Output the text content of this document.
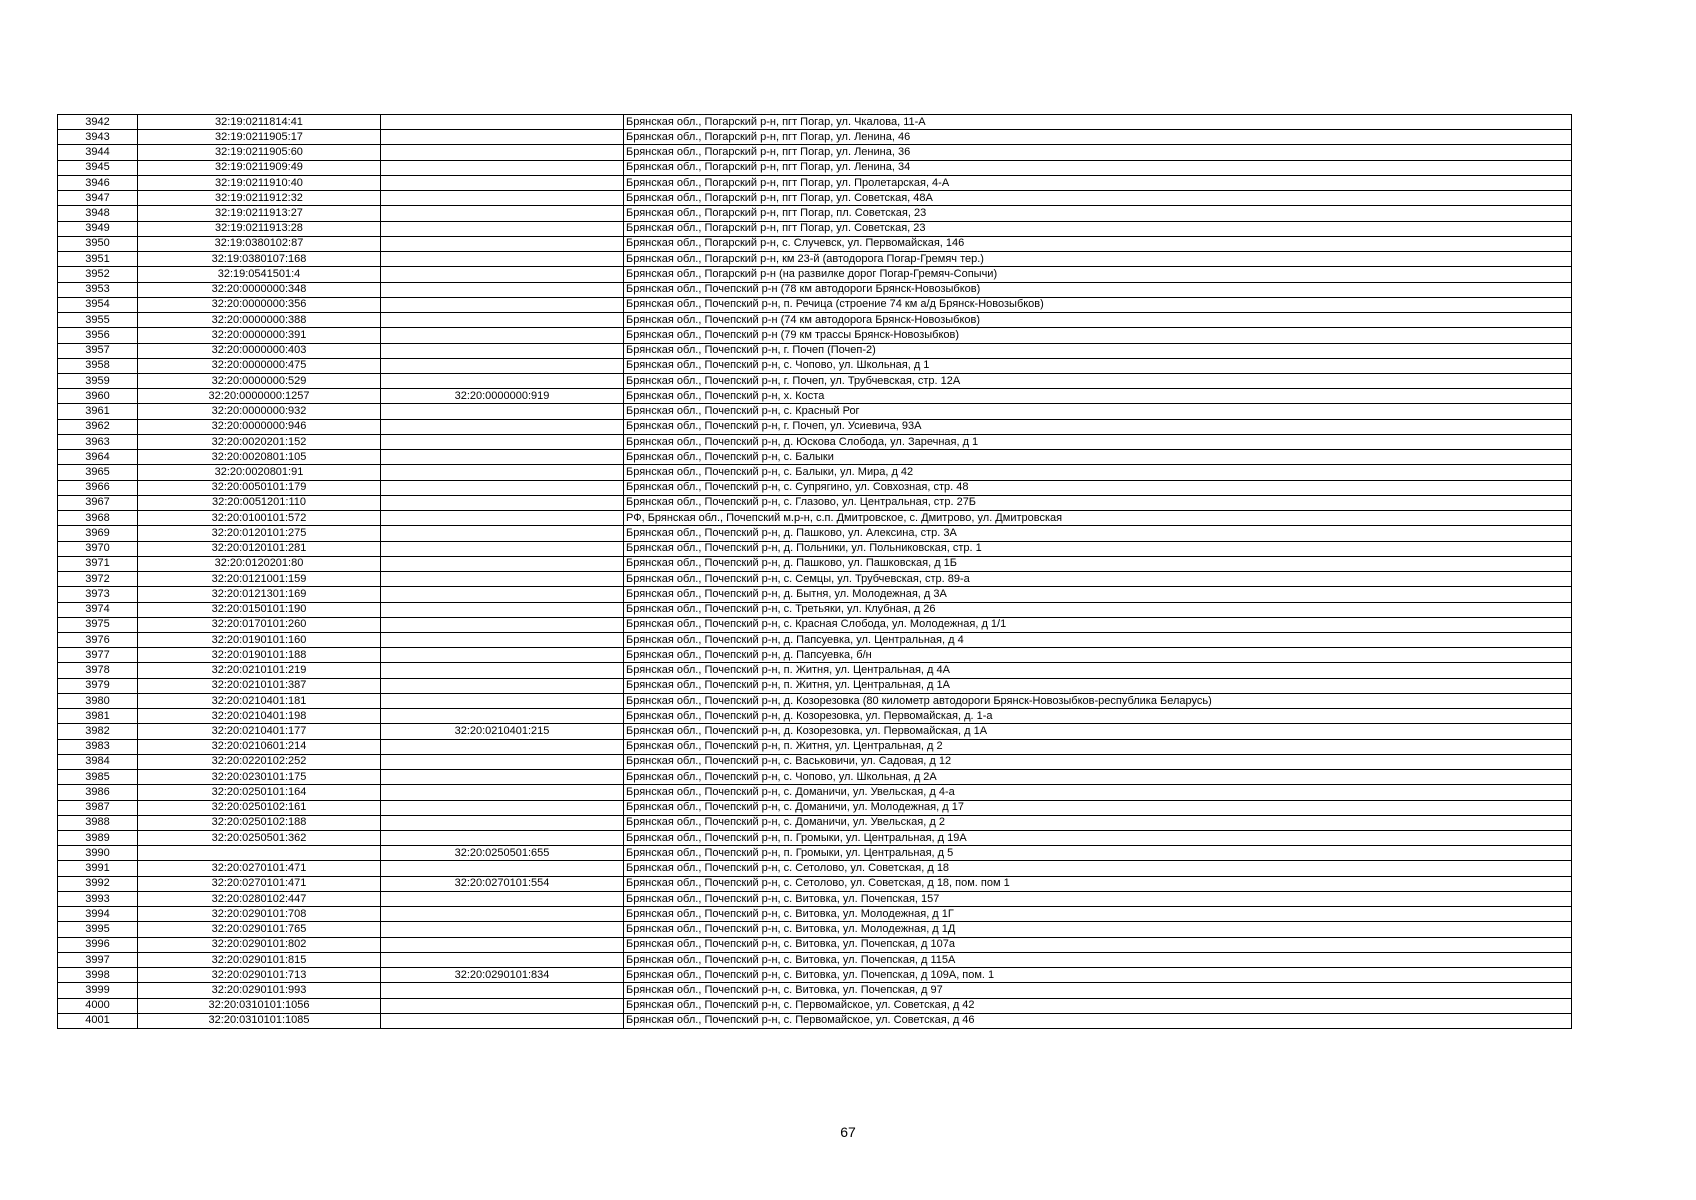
3942	32:19:0211814:41		Брянская обл., Погарский р-н, пгт Погар, ул. Чкалова, 11-А
3943	32:19:0211905:17		Брянская обл., Погарский р-н, пгт Погар, ул. Ленина, 46
3944	32:19:0211905:60		Брянская обл., Погарский р-н, пгт Погар, ул. Ленина, 36
3945	32:19:0211909:49		Брянская обл., Погарский р-н, пгт Погар, ул. Ленина, 34
3946	32:19:0211910:40		Брянская обл., Погарский р-н, пгт Погар, ул. Пролетарская, 4-А
3947	32:19:0211912:32		Брянская обл., Погарский р-н, пгт Погар, ул. Советская, 48А
3948	32:19:0211913:27		Брянская обл., Погарский р-н, пгт Погар, пл. Советская, 23
3949	32:19:0211913:28		Брянская обл., Погарский р-н, пгт Погар, ул. Советская, 23
3950	32:19:0380102:87		Брянская обл., Погарский р-н, с. Случевск, ул. Первомайская, 146
3951	32:19:0380107:168		Брянская обл., Погарский р-н, км 23-й (автодорога Погар-Гремяч тер.)
3952	32:19:0541501:4		Брянская обл., Погарский р-н (на развилке дорог Погар-Гремяч-Сопычи)
3953	32:20:0000000:348		Брянская обл., Почепский р-н (78 км автодороги Брянск-Новозыбков)
3954	32:20:0000000:356		Брянская обл., Почепский р-н, п. Речица (строение 74 км а/д Брянск-Новозыбков)
3955	32:20:0000000:388		Брянская обл., Почепский р-н (74 км автодорога Брянск-Новозыбков)
3956	32:20:0000000:391		Брянская обл., Почепский р-н (79 км трассы Брянск-Новозыбков)
3957	32:20:0000000:403		Брянская обл., Почепский р-н, г. Почеп (Почеп-2)
3958	32:20:0000000:475		Брянская обл., Почепский р-н, с. Чопово, ул. Школьная, д 1
3959	32:20:0000000:529		Брянская обл., Почепский р-н, г. Почеп, ул. Трубчевская, стр. 12А
3960	32:20:0000000:1257	32:20:0000000:919	Брянская обл., Почепский р-н, х. Коста
3961	32:20:0000000:932		Брянская обл., Почепский р-н, с. Красный Рог
3962	32:20:0000000:946		Брянская обл., Почепский р-н, г. Почеп, ул. Усиевича, 93А
3963	32:20:0020201:152		Брянская обл., Почепский р-н, д. Юскова Слобода, ул. Заречная, д 1
3964	32:20:0020801:105		Брянская обл., Почепский р-н, с. Балыки
3965	32:20:0020801:91		Брянская обл., Почепский р-н, с. Балыки, ул. Мира, д 42
3966	32:20:0050101:179		Брянская обл., Почепский р-н, с. Супрягино, ул. Совхозная, стр. 48
3967	32:20:0051201:110		Брянская обл., Почепский р-н, с. Глазово, ул. Центральная, стр. 27Б
3968	32:20:0100101:572		РФ, Брянская обл., Почепский м.р-н, с.п. Дмитровское, с. Дмитрово, ул. Дмитровская
3969	32:20:0120101:275		Брянская обл., Почепский р-н, д. Пашково, ул. Алексина, стр. 3А
3970	32:20:0120101:281		Брянская обл., Почепский р-н, д. Польники, ул. Польниковская, стр. 1
3971	32:20:0120201:80		Брянская обл., Почепский р-н, д. Пашково, ул. Пашковская, д 1Б
3972	32:20:0121001:159		Брянская обл., Почепский р-н, с. Семцы, ул. Трубчевская, стр. 89-а
3973	32:20:0121301:169		Брянская обл., Почепский р-н, д. Бытня, ул. Молодежная, д 3А
3974	32:20:0150101:190		Брянская обл., Почепский р-н, с. Третьяки, ул. Клубная, д 26
3975	32:20:0170101:260		Брянская обл., Почепский р-н, с. Красная Слобода, ул. Молодежная, д 1/1
3976	32:20:0190101:160		Брянская обл., Почепский р-н, д. Папсуевка, ул. Центральная, д 4
3977	32:20:0190101:188		Брянская обл., Почепский р-н, д. Папсуевка, б/н
3978	32:20:0210101:219		Брянская обл., Почепский р-н, п. Житня, ул. Центральная, д 4А
3979	32:20:0210101:387		Брянская обл., Почепский р-н, п. Житня, ул. Центральная, д 1А
3980	32:20:0210401:181		Брянская обл., Почепский р-н, д. Козорезовка (80 километр автодороги Брянск-Новозыбков-республика Беларусь)
3981	32:20:0210401:198		Брянская обл., Почепский р-н, д. Козорезовка, ул. Первомайская, д. 1-а
3982	32:20:0210401:177	32:20:0210401:215	Брянская обл., Почепский р-н, д. Козорезовка, ул. Первомайская, д 1А
3983	32:20:0210601:214		Брянская обл., Почепский р-н, п. Житня, ул. Центральная, д 2
3984	32:20:0220102:252		Брянская обл., Почепский р-н, с. Васьковичи, ул. Садовая, д 12
3985	32:20:0230101:175		Брянская обл., Почепский р-н, с. Чопово, ул. Школьная, д 2А
3986	32:20:0250101:164		Брянская обл., Почепский р-н, с. Доманичи, ул. Увельская, д 4-а
3987	32:20:0250102:161		Брянская обл., Почепский р-н, с. Доманичи, ул. Молодежная, д 17
3988	32:20:0250102:188		Брянская обл., Почепский р-н, с. Доманичи, ул. Увельская, д 2
3989	32:20:0250501:362		Брянская обл., Почепский р-н, п. Громыки, ул. Центральная, д 19А
3990		32:20:0250501:655	Брянская обл., Почепский р-н, п. Громыки, ул. Центральная, д 5
3991	32:20:0270101:471		Брянская обл., Почепский р-н, с. Сетолово, ул. Советская, д 18
3992	32:20:0270101:471	32:20:0270101:554	Брянская обл., Почепский р-н, с. Сетолово, ул. Советская, д 18, пом. пом 1
3993	32:20:0280102:447		Брянская обл., Почепский р-н, с. Витовка, ул. Почепская, 157
3994	32:20:0290101:708		Брянская обл., Почепский р-н, с. Витовка, ул. Молодежная, д 1Г
3995	32:20:0290101:765		Брянская обл., Почепский р-н, с. Витовка, ул. Молодежная, д 1Д
3996	32:20:0290101:802		Брянская обл., Почепский р-н, с. Витовка, ул. Почепская, д 107а
3997	32:20:0290101:815		Брянская обл., Почепский р-н, с. Витовка, ул. Почепская, д 115А
3998	32:20:0290101:713	32:20:0290101:834	Брянская обл., Почепский р-н, с. Витовка, ул. Почепская, д 109А, пом. 1
3999	32:20:0290101:993		Брянская обл., Почепский р-н, с. Витовка, ул. Почепская, д 97
4000	32:20:0310101:1056		Брянская обл., Почепский р-н, с. Первомайское, ул. Советская, д 42
4001	32:20:0310101:1085		Брянская обл., Почепский р-н, с. Первомайское, ул. Советская, д 46
67
